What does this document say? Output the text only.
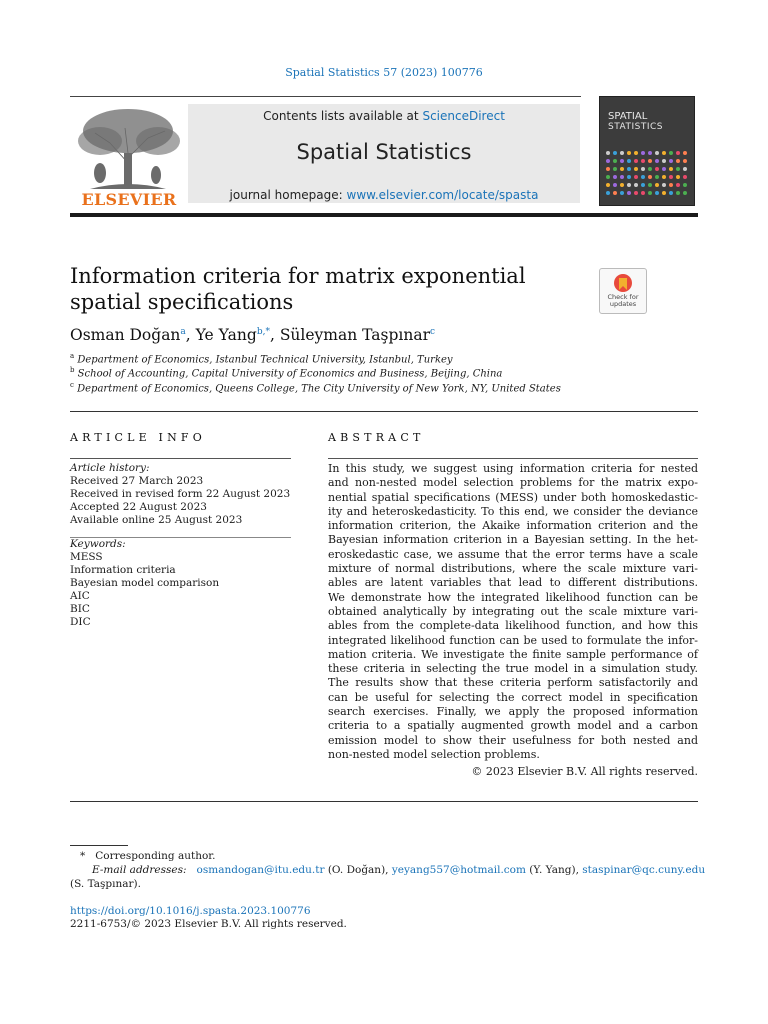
Spatial Statistics 57 (2023) 100776
ELSEVIER
Contents lists available at ScienceDirect
Spatial Statistics
journal homepage: www.elsevier.com/locate/spasta
SPATIAL
STATISTICS
Information criteria for matrix exponential
spatial specifications	Check for updates
Osman Doğan$^a$, Ye Yang$^{b,*}$, Süleyman Taşpınar$^c$
$^a$ Department of Economics, Istanbul Technical University, Istanbul, Turkey
$^b$ School of Accounting, Capital University of Economics and Business, Beijing, China
$^c$ Department of Economics, Queens College, The City University of New York, NY, United States
ARTICLE INFO
Article history:
Received 27 March 2023
Received in revised form 22 August 2023
Accepted 22 August 2023
Available online 25 August 2023
Keywords:
MESS
Information criteria
Bayesian model comparison
AIC
BIC
DIC
ABSTRACT
In this study, we suggest using information criteria for nested
and non-nested model selection problems for the matrix expo-
nential spatial specifications (MESS) under both homoskedastic-
ity and heteroskedasticity. To this end, we consider the deviance
information criterion, the Akaike information criterion and the
Bayesian information criterion in a Bayesian setting. In the het-
eroskedastic case, we assume that the error terms have a scale
mixture of normal distributions, where the scale mixture vari-
ables are latent variables that lead to different distributions.
We demonstrate how the integrated likelihood function can be
obtained analytically by integrating out the scale mixture vari-
ables from the complete-data likelihood function, and how this
integrated likelihood function can be used to formulate the infor-
mation criteria. We investigate the finite sample performance of
these criteria in selecting the true model in a simulation study.
The results show that these criteria perform satisfactorily and
can be useful for selecting the correct model in specification
search exercises. Finally, we apply the proposed information
criteria to a spatially augmented growth model and a carbon
emission model to show their usefulness for both nested and
non-nested model selection problems.
© 2023 Elsevier B.V. All rights reserved.
* Corresponding author.
E-mail addresses: osmandogan@itu.edu.tr (O. Doğan), yeyang557@hotmail.com (Y. Yang), staspinar@qc.cuny.edu
(S. Taşpınar).
https://doi.org/10.1016/j.spasta.2023.100776
2211-6753/© 2023 Elsevier B.V. All rights reserved.
